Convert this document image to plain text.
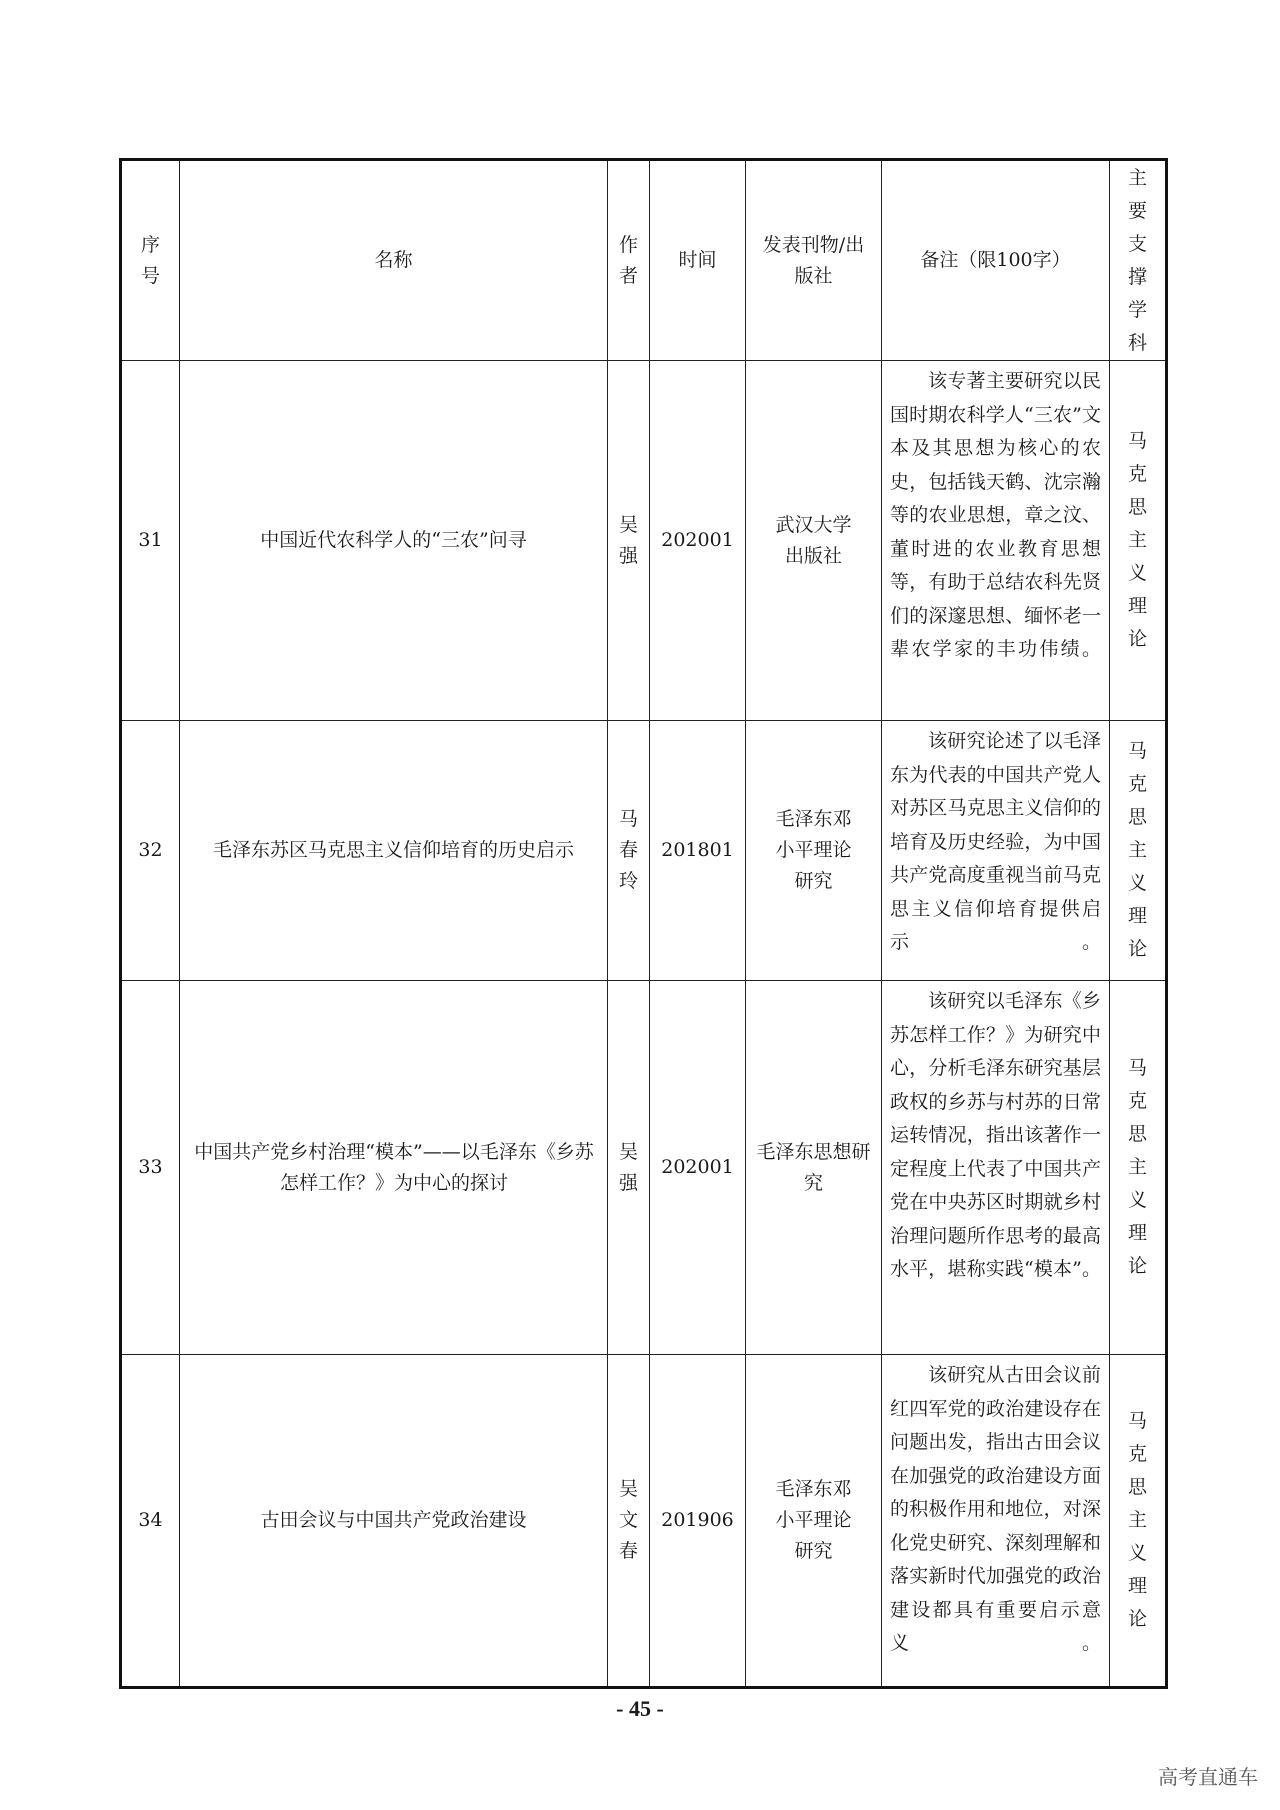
序号	名称	作者	时间	发表刊物/出版社	备注（限100字）	主要支撑学科
31	中国近代农科学人的“三农”问寻	吴强	202001	武汉大学出版社	该专著主要研究以民国时期农科学人“三农”文本及其思想为核心的农史，包括钱天鹤、沈宗瀚等的农业思想，章之汶、董时进的农业教育思想等，有助于总结农科先贤们的深邃思想、缅怀老一辈农学家的丰功伟绩。	马克思主义理论
32	毛泽东苏区马克思主义信仰培育的历史启示	马春玲	201801	毛泽东邓小平理论研究	该研究论述了以毛泽东为代表的中国共产党人对苏区马克思主义信仰的培育及历史经验，为中国共产党高度重视当前马克思主义信仰培育提供启示。	马克思主义理论
33	中国共产党乡村治理“模本”——以毛泽东《乡苏怎样工作？》为中心的探讨	吴强	202001	毛泽东思想研究	该研究以毛泽东《乡苏怎样工作？》为研究中心，分析毛泽东研究基层政权的乡苏与村苏的日常运转情况，指出该著作一定程度上代表了中国共产党在中央苏区时期就乡村治理问题所作思考的最高水平，堪称实践“模本”。	马克思主义理论
34	古田会议与中国共产党政治建设	吴文春	201906	毛泽东邓小平理论研究	该研究从古田会议前红四军党的政治建设存在问题出发，指出古田会议在加强党的政治建设方面的积极作用和地位，对深化党史研究、深刻理解和落实新时代加强党的政治建设都具有重要启示意义。	马克思主义理论
- 45 -
高考直通车
